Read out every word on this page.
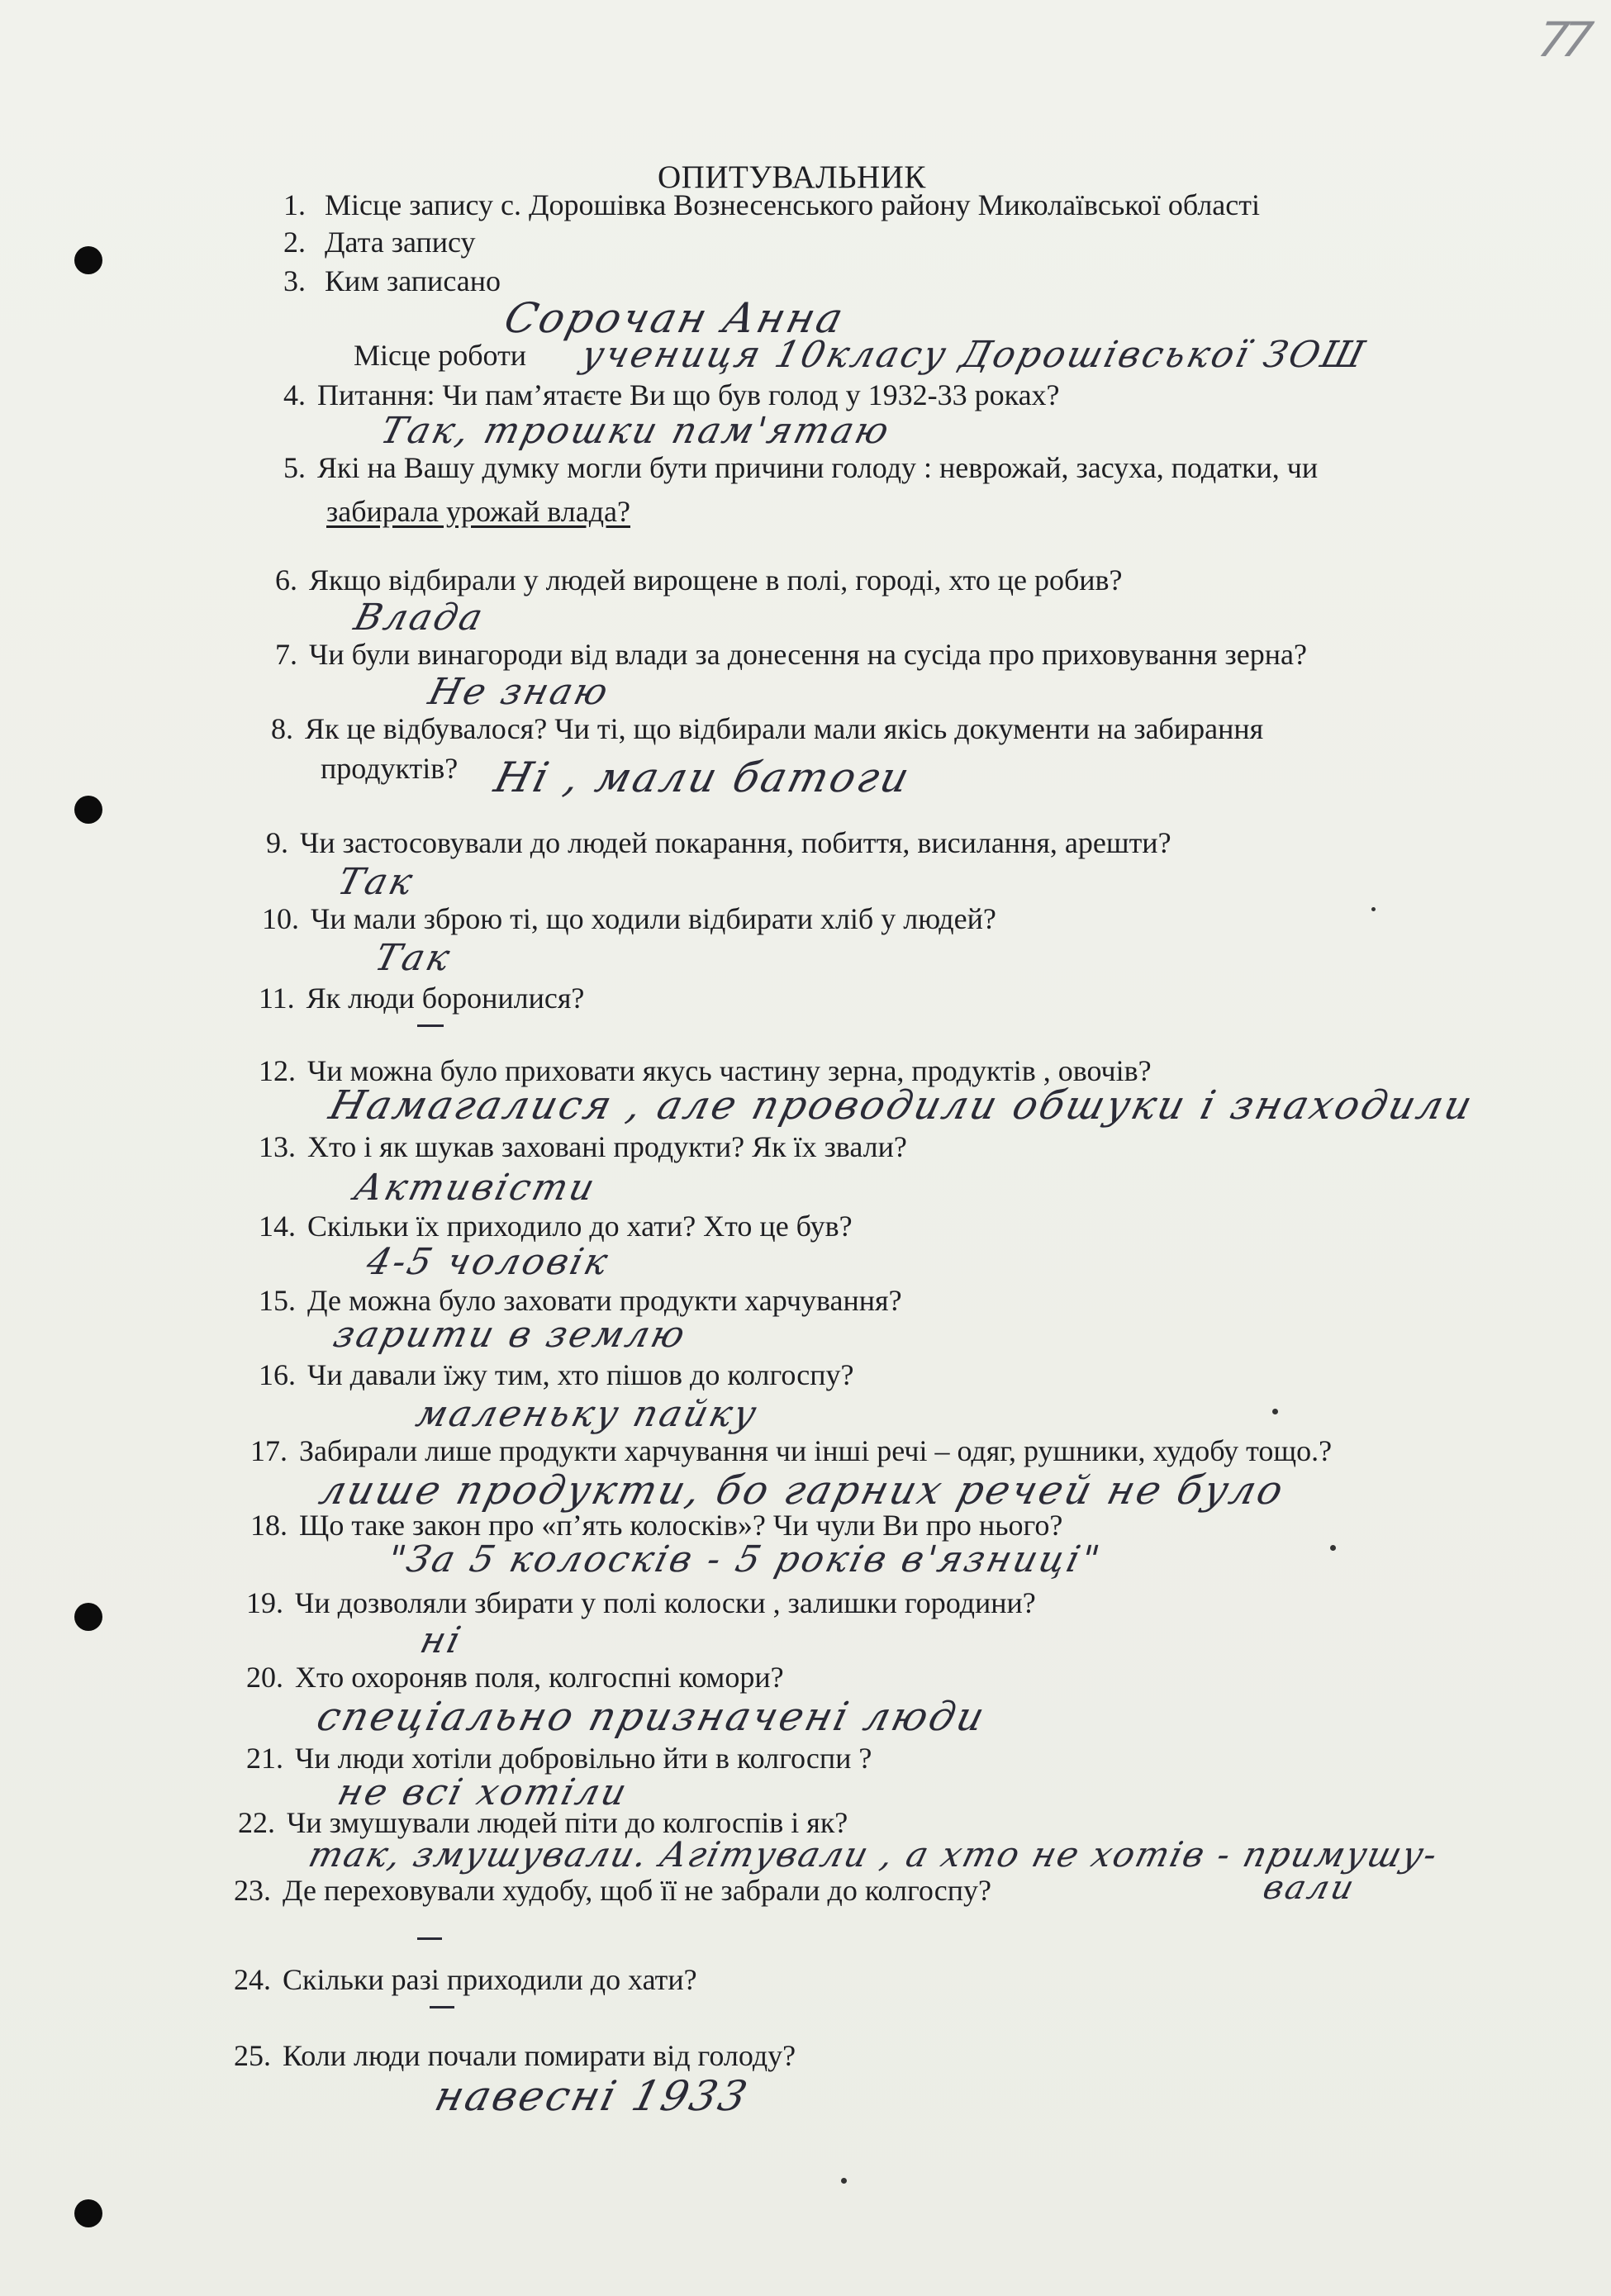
77
ОПИТУВАЛЬНИК
1. Місце запису с. Дорошівка Вознесенського району Миколаївської області
2. Дата запису
3. Ким записано
Сорочан Анна
Місце роботи учениця 10класу Дорошівської ЗОШ
4. Питання: Чи пам’ятаєте Ви що був голод у 1932-33 роках?
Так, трошки пам'ятаю
5. Які на Вашу думку могли бути причини голоду : неврожай, засуха, податки, чи
забирала урожай влада?
6. Якщо відбирали у людей вирощене в полі, городі, хто це робив?
Влада
7. Чи були винагороди від влади за донесення на сусіда про приховування зерна?
Не знаю
8. Як це відбувалося? Чи ті, що відбирали мали якісь документи на забирання
продуктів? Ні , мали батоги
9. Чи застосовували до людей покарання, побиття, висилання, арешти?
Так
10. Чи мали зброю ті, що ходили відбирати хліб у людей?
Так
11. Як люди боронилися?
12. Чи можна було приховати якусь частину зерна, продуктів , овочів?
Намагалися , але проводили обшуки і знаходили
13. Хто і як шукав заховані продукти? Як їх звали?
Активісти
14. Скільки їх приходило до хати? Хто це був?
4-5 чоловік
15. Де можна було заховати продукти харчування?
зарити в землю
16. Чи давали їжу тим, хто пішов до колгоспу?
маленьку пайку
17. Забирали лише продукти харчування чи інші речі – одяг, рушники, худобу тощо.?
лише продукти, бо гарних речей не було
18. Що таке закон про «п’ять колосків»? Чи чули Ви про нього?
"За 5 колосків - 5 років в'язниці"
19. Чи дозволяли збирати у полі колоски , залишки городини?
ні
20. Хто охороняв поля, колгоспні комори?
спеціально призначені люди
21. Чи люди хотіли добровільно йти в колгоспи ?
не всі хотіли
22. Чи змушували людей піти до колгоспів і як?
так, змушували. Агітували , а хто не хотів - примушу-
вали
23. Де переховували худобу, щоб її не забрали до колгоспу?
24. Скільки разі приходили до хати?
25. Коли люди почали помирати від голоду?
навесні 1933
